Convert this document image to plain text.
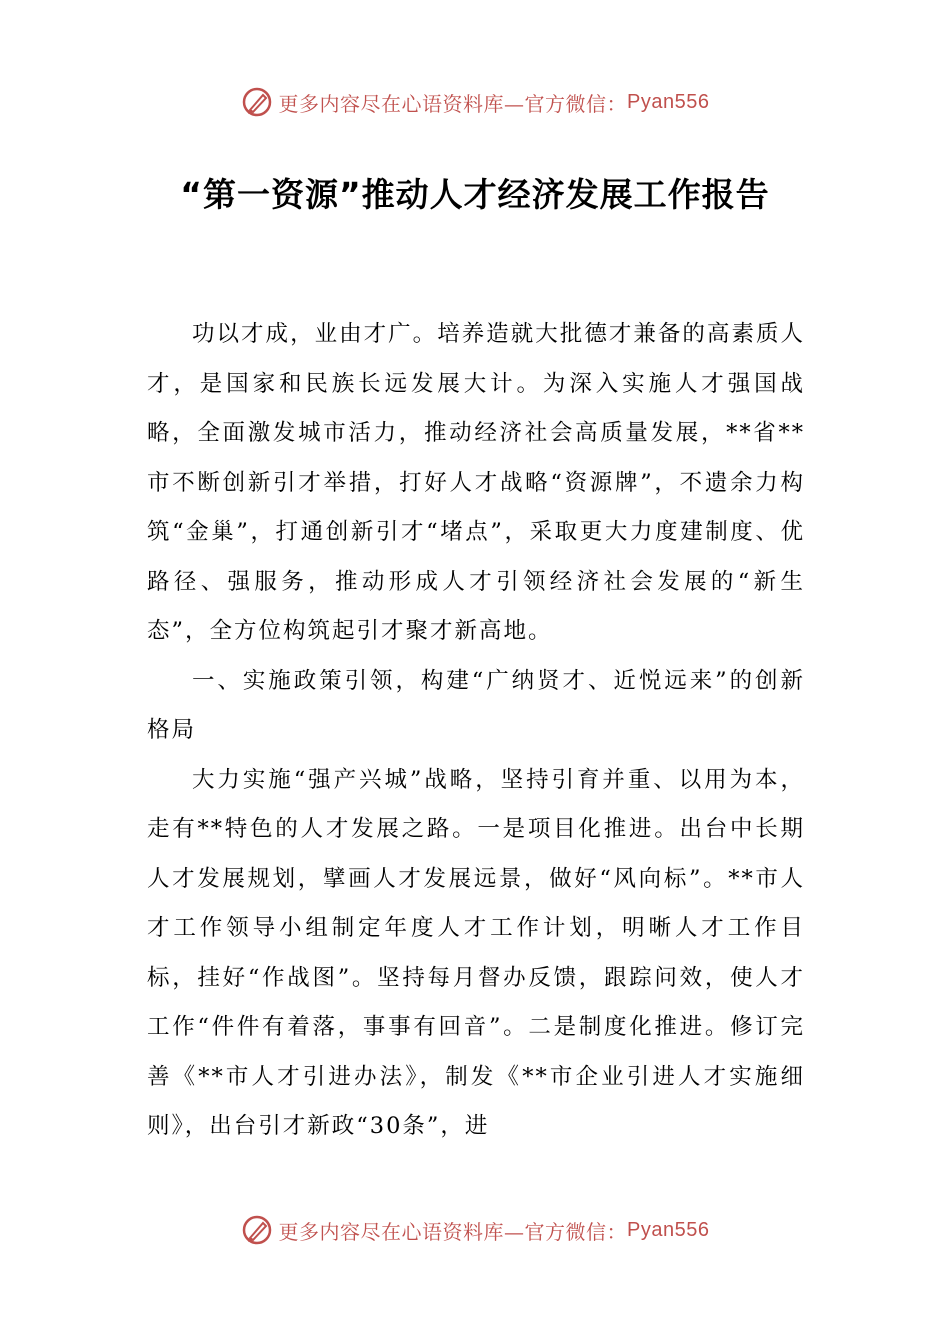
更多内容尽在心语资料库—官方微信： Pyan556
“第一资源”推动人才经济发展工作报告

功以才成，业由才广。培养造就大批德才兼备的高素质人才，是国家和民族长远发展大计。为深入实施人才强国战略，全面激发城市活力，推动经济社会高质量发展，**省**市不断创新引才举措，打好人才战略“资源牌”，不遗余力构筑“金巢”，打通创新引才“堵点”，采取更大力度建制度、优路径、强服务，推动形成人才引领经济社会发展的“新生态”，全方位构筑起引才聚才新高地。

一、实施政策引领，构建“广纳贤才、近悦远来”的创新格局

大力实施“强产兴城”战略，坚持引育并重、以用为本，走有**特色的人才发展之路。一是项目化推进。出台中长期人才发展规划，擘画人才发展远景，做好“风向标”。**市人才工作领导小组制定年度人才工作计划，明晰人才工作目标，挂好“作战图”。坚持每月督办反馈，跟踪问效，使人才工作“件件有着落，事事有回音”。二是制度化推进。修订完善《**市人才引进办法》，制发《**市企业引进人才实施细则》，出台引才新政“30条”，进

更多内容尽在心语资料库—官方微信： Pyan556
